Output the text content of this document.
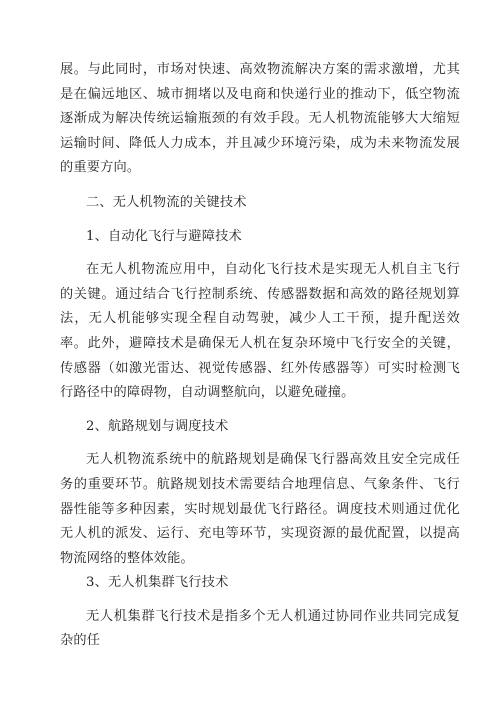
展。与此同时，市场对快速、高效物流解决方案的需求激增，尤其是在偏远地区、城市拥堵以及电商和快递行业的推动下，低空物流逐渐成为解决传统运输瓶颈的有效手段。无人机物流能够大大缩短运输时间、降低人力成本，并且减少环境污染，成为未来物流发展的重要方向。

二、无人机物流的关键技术

1、自动化飞行与避障技术

在无人机物流应用中，自动化飞行技术是实现无人机自主飞行的关键。通过结合飞行控制系统、传感器数据和高效的路径规划算法，无人机能够实现全程自动驾驶，减少人工干预，提升配送效率。此外，避障技术是确保无人机在复杂环境中飞行安全的关键，传感器（如激光雷达、视觉传感器、红外传感器等）可实时检测飞行路径中的障碍物，自动调整航向，以避免碰撞。

2、航路规划与调度技术

无人机物流系统中的航路规划是确保飞行器高效且安全完成任务的重要环节。航路规划技术需要结合地理信息、气象条件、飞行器性能等多种因素，实时规划最优飞行路径。调度技术则通过优化无人机的派发、运行、充电等环节，实现资源的最优配置，以提高物流网络的整体效能。

3、无人机集群飞行技术

无人机集群飞行技术是指多个无人机通过协同作业共同完成复杂的任
